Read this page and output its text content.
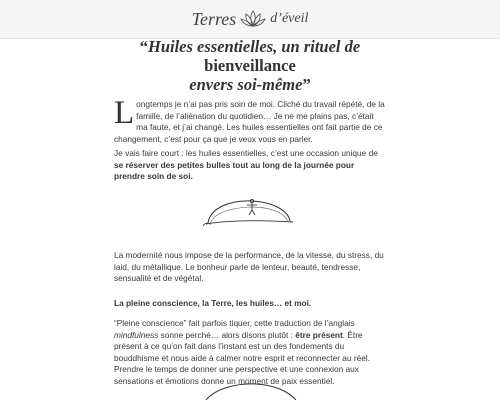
Terres d’éveil
“Huiles essentielles, un rituel de
bienveillance
envers soi-même”

Longtemps je n’ai pas pris soin de moi. Cliché du travail répété, de la famille, de l’aliénation du quotidien… Je ne me plains pas, c’était ma faute, et j’ai changé. Les huiles essentielles ont fait partie de ce changement, c’est pour ça que je veux vous en parler.

Je vais faire court : les huiles essentielles, c’est une occasion unique de se réserver des petites bulles tout au long de la journée pour prendre soin de soi.

La modernité nous impose de la performance, de la vitesse, du stress, du laid, du métallique. Le bonheur parle de lenteur, beauté, tendresse, sensualité et de végétal.

La pleine conscience, la Terre, les huiles… et moi.

“Pleine conscience” fait parfois tiquer, cette traduction de l’anglais mindfulness sonne perché… alors disons plutôt : être présent. Être présent à ce qu’on fait dans l’instant est un des fondements du bouddhisme et nous aide à calmer notre esprit et reconnecter au réel. Prendre le temps de donner une perspective et une connexion aux sensations et émotions donne un moment de paix essentiel.
